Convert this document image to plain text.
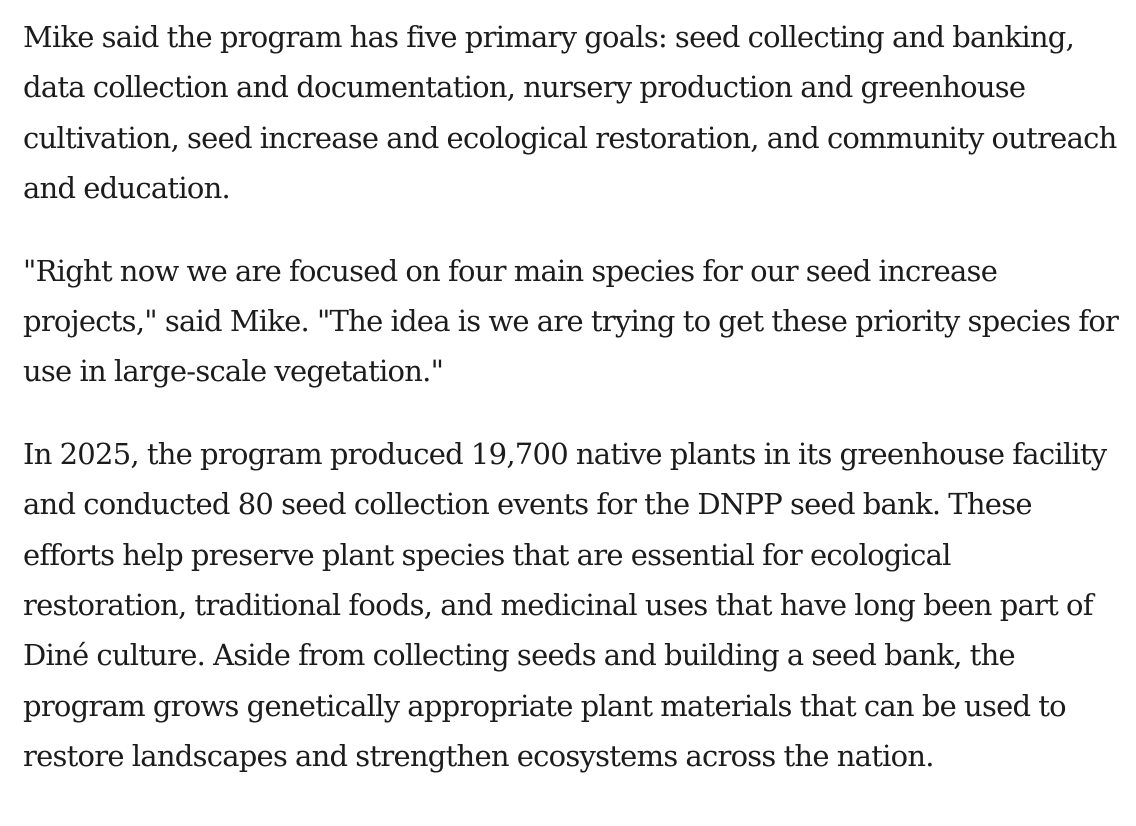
Mike said the program has five primary goals: seed collecting and banking, data collection and documentation, nursery production and greenhouse cultivation, seed increase and ecological restoration, and community outreach and education.

"Right now we are focused on four main species for our seed increase projects," said Mike. "The idea is we are trying to get these priority species for use in large-scale vegetation."

In 2025, the program produced 19,700 native plants in its greenhouse facility and conducted 80 seed collection events for the DNPP seed bank. These efforts help preserve plant species that are essential for ecological restoration, traditional foods, and medicinal uses that have long been part of Diné culture. Aside from collecting seeds and building a seed bank, the program grows genetically appropriate plant materials that can be used to restore landscapes and strengthen ecosystems across the nation.
